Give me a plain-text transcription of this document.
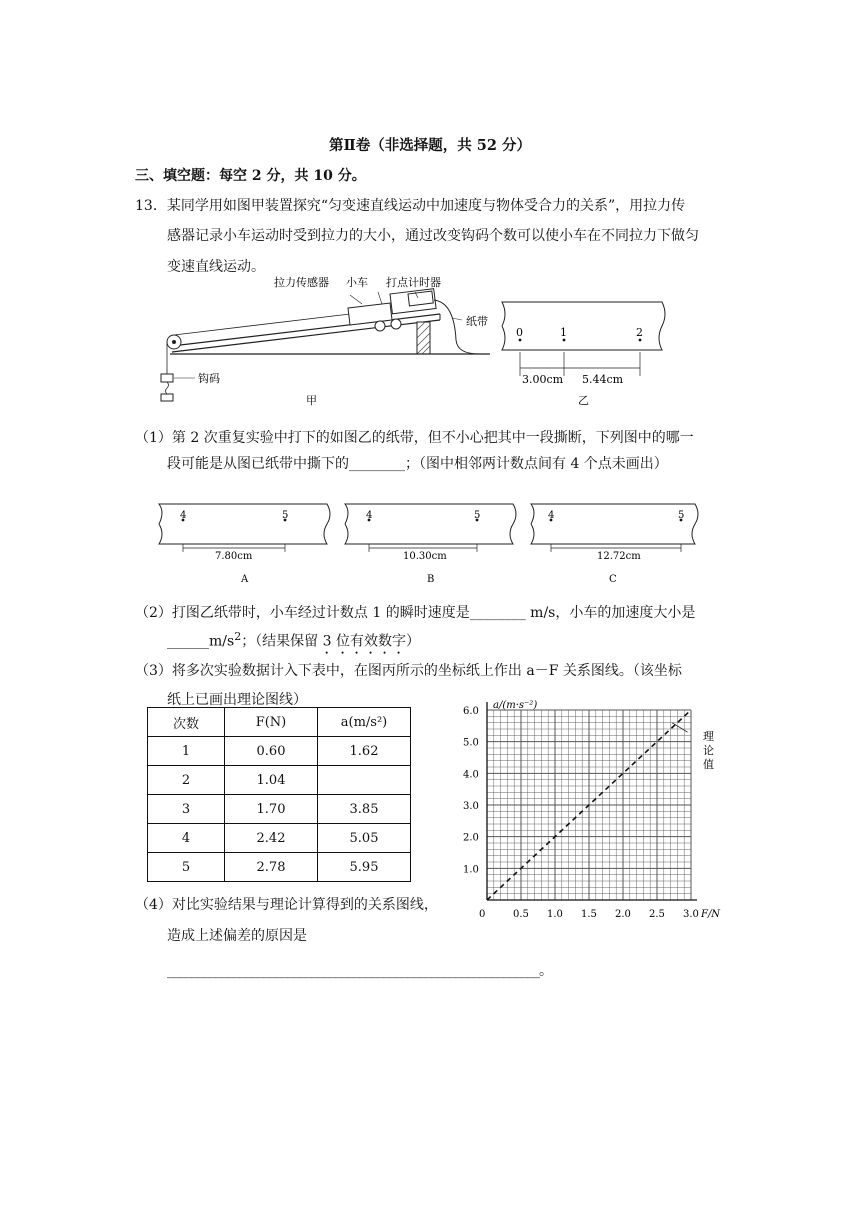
第Ⅱ卷（非选择题，共 52 分）
三、填空题：每空 2 分，共 10 分。
13．某同学用如图甲装置探究“匀变速直线运动中加速度与物体受合力的关系”，用拉力传
感器记录小车运动时受到拉力的大小，通过改变钩码个数可以使小车在不同拉力下做匀
变速直线运动。
钩码
拉力传感器 小车 打点计时器
纸带
甲
0	1	2
3.00cm 5.44cm
乙
（1）第 2 次重复实验中打下的如图乙的纸带，但不小心把其中一段撕断，下列图中的哪一
段可能是从图已纸带中撕下的________；（图中相邻两计数点间有 4 个点未画出）
4	5
7.80cm
A
4	5
10.30cm
B
4	5
12.72cm
C
（2）打图乙纸带时，小车经过计数点 1 的瞬时速度是________ m/s，小车的加速度大小是
$\_\_\_\_\_\_m/s^2$；（结果保留 3 位有效数字）
（3）将多次实验数据计入下表中，在图丙所示的坐标纸上作出 a－F 关系图线。（该坐标
纸上已画出理论图线）
次数	F(N)	a(m/s²)
1	0.60	1.62
2	1.04	
3	1.70	3.85
4	2.42	5.05
5	2.78	5.95
0	0.5 1.0 1.5 2.0 2.5 3.0
1.0
2.0
3.0
4.0
5.0
6.0
a/(m·s⁻²)
F/N
理
论
值
（4）对比实验结果与理论计算得到的关系图线，
造成上述偏差的原因是
______________________________________________________________。
